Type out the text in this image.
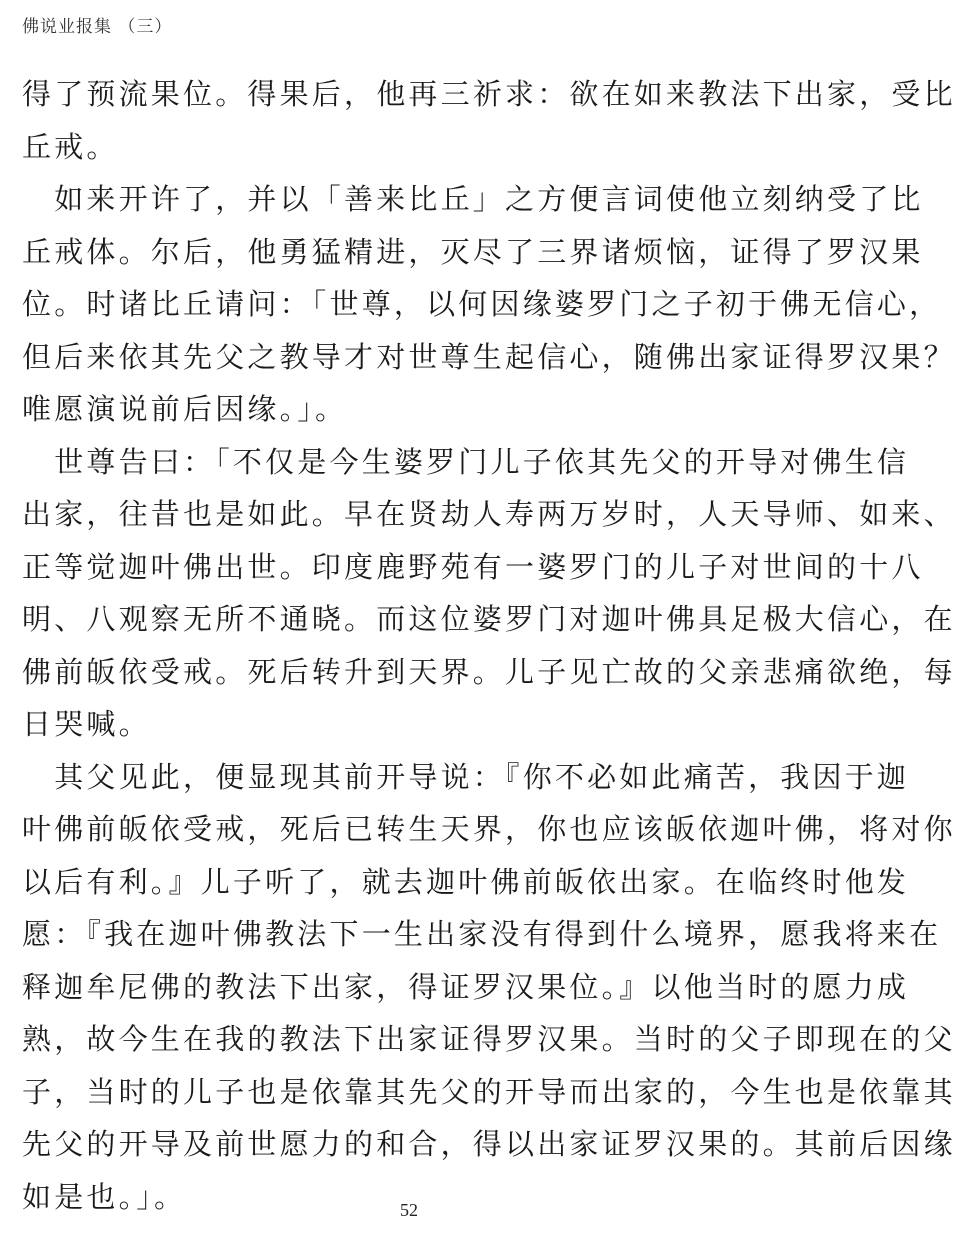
佛说业报集 （三）
得了预流果位。得果后，他再三祈求：欲在如来教法下出家，受比
丘戒。
　如来开许了，并以「善来比丘」之方便言词使他立刻纳受了比
丘戒体。尔后，他勇猛精进，灭尽了三界诸烦恼，证得了罗汉果
位。时诸比丘请问：「世尊，以何因缘婆罗门之子初于佛无信心，
但后来依其先父之教导才对世尊生起信心，随佛出家证得罗汉果？
唯愿演说前后因缘。」。
　世尊告曰：「不仅是今生婆罗门儿子依其先父的开导对佛生信
出家，往昔也是如此。早在贤劫人寿两万岁时，人天导师、如来、
正等觉迦叶佛出世。印度鹿野苑有一婆罗门的儿子对世间的十八
明、八观察无所不通晓。而这位婆罗门对迦叶佛具足极大信心，在
佛前皈依受戒。死后转升到天界。儿子见亡故的父亲悲痛欲绝，每
日哭喊。
　其父见此，便显现其前开导说：『你不必如此痛苦，我因于迦
叶佛前皈依受戒，死后已转生天界，你也应该皈依迦叶佛，将对你
以后有利。』儿子听了，就去迦叶佛前皈依出家。在临终时他发
愿：『我在迦叶佛教法下一生出家没有得到什么境界，愿我将来在
释迦牟尼佛的教法下出家，得证罗汉果位。』以他当时的愿力成
熟，故今生在我的教法下出家证得罗汉果。当时的父子即现在的父
子，当时的儿子也是依靠其先父的开导而出家的，今生也是依靠其
先父的开导及前世愿力的和合，得以出家证罗汉果的。其前后因缘
如是也。」。	52
